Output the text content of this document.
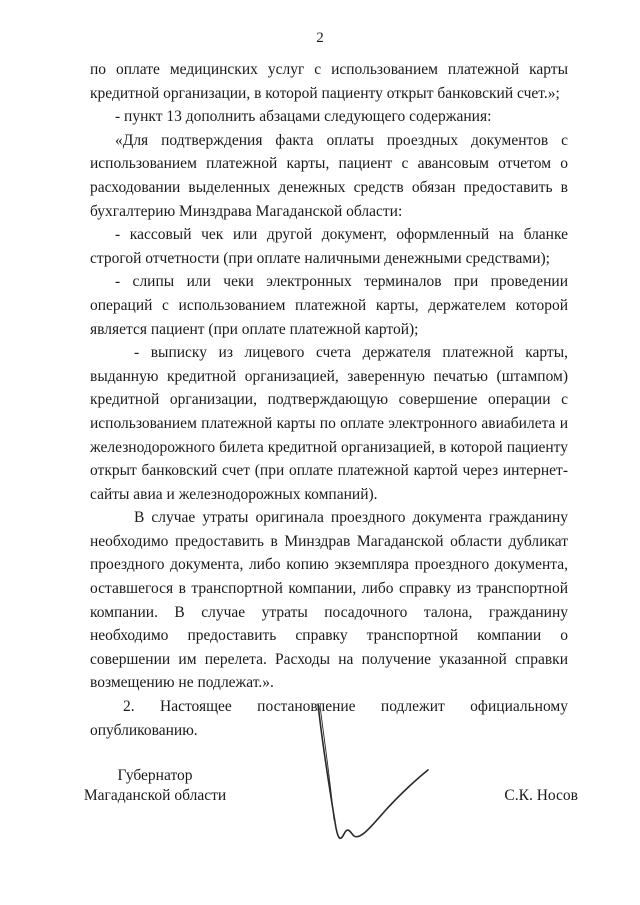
2

по оплате медицинских услуг с использованием платежной карты кредитной организации, в которой пациенту открыт банковский счет.»;

- пункт 13 дополнить абзацами следующего содержания:

«Для подтверждения факта оплаты проездных документов с использованием платежной карты, пациент с авансовым отчетом о расходовании выделенных денежных средств обязан предоставить в бухгалтерию Минздрава Магаданской области:

- кассовый чек или другой документ, оформленный на бланке строгой отчетности (при оплате наличными денежными средствами);

- слипы или чеки электронных терминалов при проведении операций с использованием платежной карты, держателем которой является пациент (при оплате платежной картой);

- выписку из лицевого счета держателя платежной карты, выданную кредитной организацией, заверенную печатью (штампом) кредитной организации, подтверждающую совершение операции с использованием платежной карты по оплате электронного авиабилета и железнодорожного билета кредитной организацией, в которой пациенту открыт банковский счет (при оплате платежной картой через интернет-сайты авиа и железнодорожных компаний).

В случае утраты оригинала проездного документа гражданину необходимо предоставить в Минздрав Магаданской области дубликат проездного документа, либо копию экземпляра проездного документа, оставшегося в транспортной компании, либо справку из транспортной компании. В случае утраты посадочного талона, гражданину необходимо предоставить справку транспортной компании о совершении им перелета. Расходы на получение указанной справки возмещению не подлежат.».

2. Настоящее постановление подлежит официальному опубликованию.

Губернатор
Магаданской области	С.К. Носов
